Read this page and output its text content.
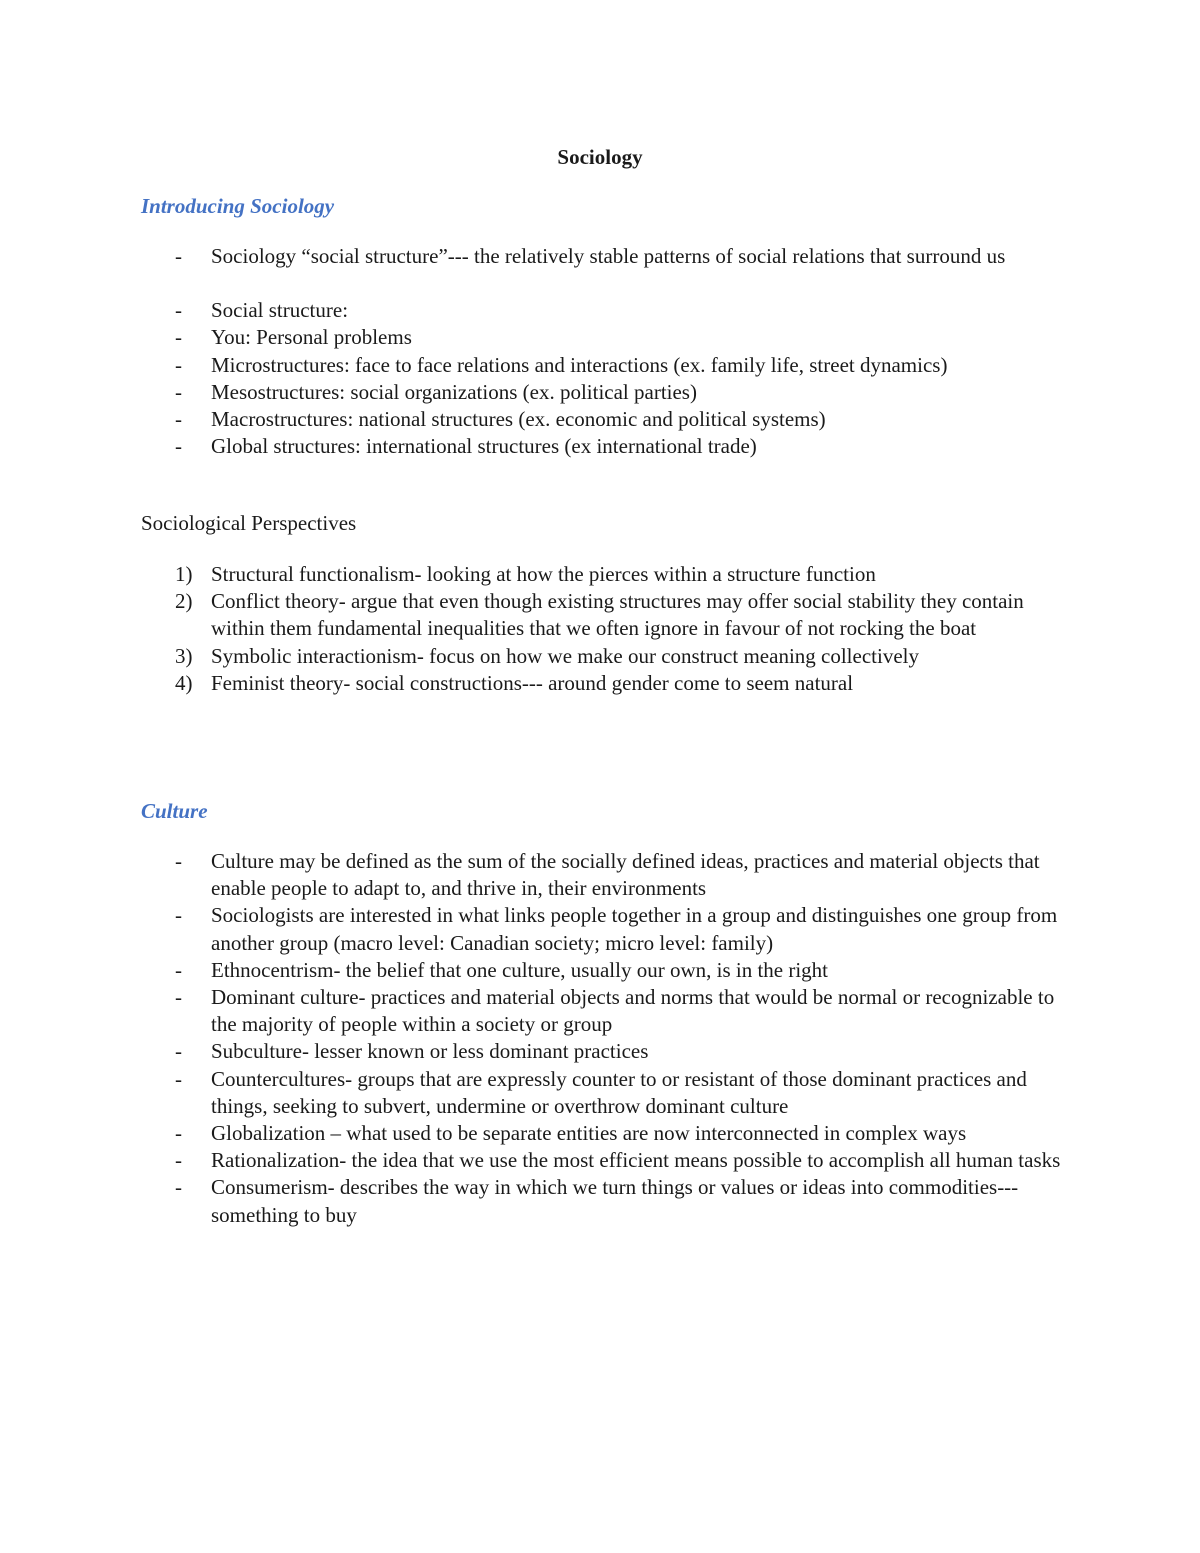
Sociology
Introducing Sociology
- Sociology “social structure”--- the relatively stable patterns of social relations that surround us
- Social structure:
- You: Personal problems
- Microstructures: face to face relations and interactions (ex. family life, street dynamics)
- Mesostructures: social organizations (ex. political parties)
- Macrostructures: national structures (ex. economic and political systems)
- Global structures: international structures (ex international trade)
Sociological Perspectives
1) Structural functionalism- looking at how the pierces within a structure function
2) Conflict theory- argue that even though existing structures may offer social stability they contain within them fundamental inequalities that we often ignore in favour of not rocking the boat
3) Symbolic interactionism- focus on how we make our construct meaning collectively
4) Feminist theory- social constructions--- around gender come to seem natural
Culture
- Culture may be defined as the sum of the socially defined ideas, practices and material objects that enable people to adapt to, and thrive in, their environments
- Sociologists are interested in what links people together in a group and distinguishes one group from another group (macro level: Canadian society; micro level: family)
- Ethnocentrism- the belief that one culture, usually our own, is in the right
- Dominant culture- practices and material objects and norms that would be normal or recognizable to the majority of people within a society or group
- Subculture- lesser known or less dominant practices
- Countercultures- groups that are expressly counter to or resistant of those dominant practices and things, seeking to subvert, undermine or overthrow dominant culture
- Globalization – what used to be separate entities are now interconnected in complex ways
- Rationalization- the idea that we use the most efficient means possible to accomplish all human tasks
- Consumerism- describes the way in which we turn things or values or ideas into commodities--- something to buy
